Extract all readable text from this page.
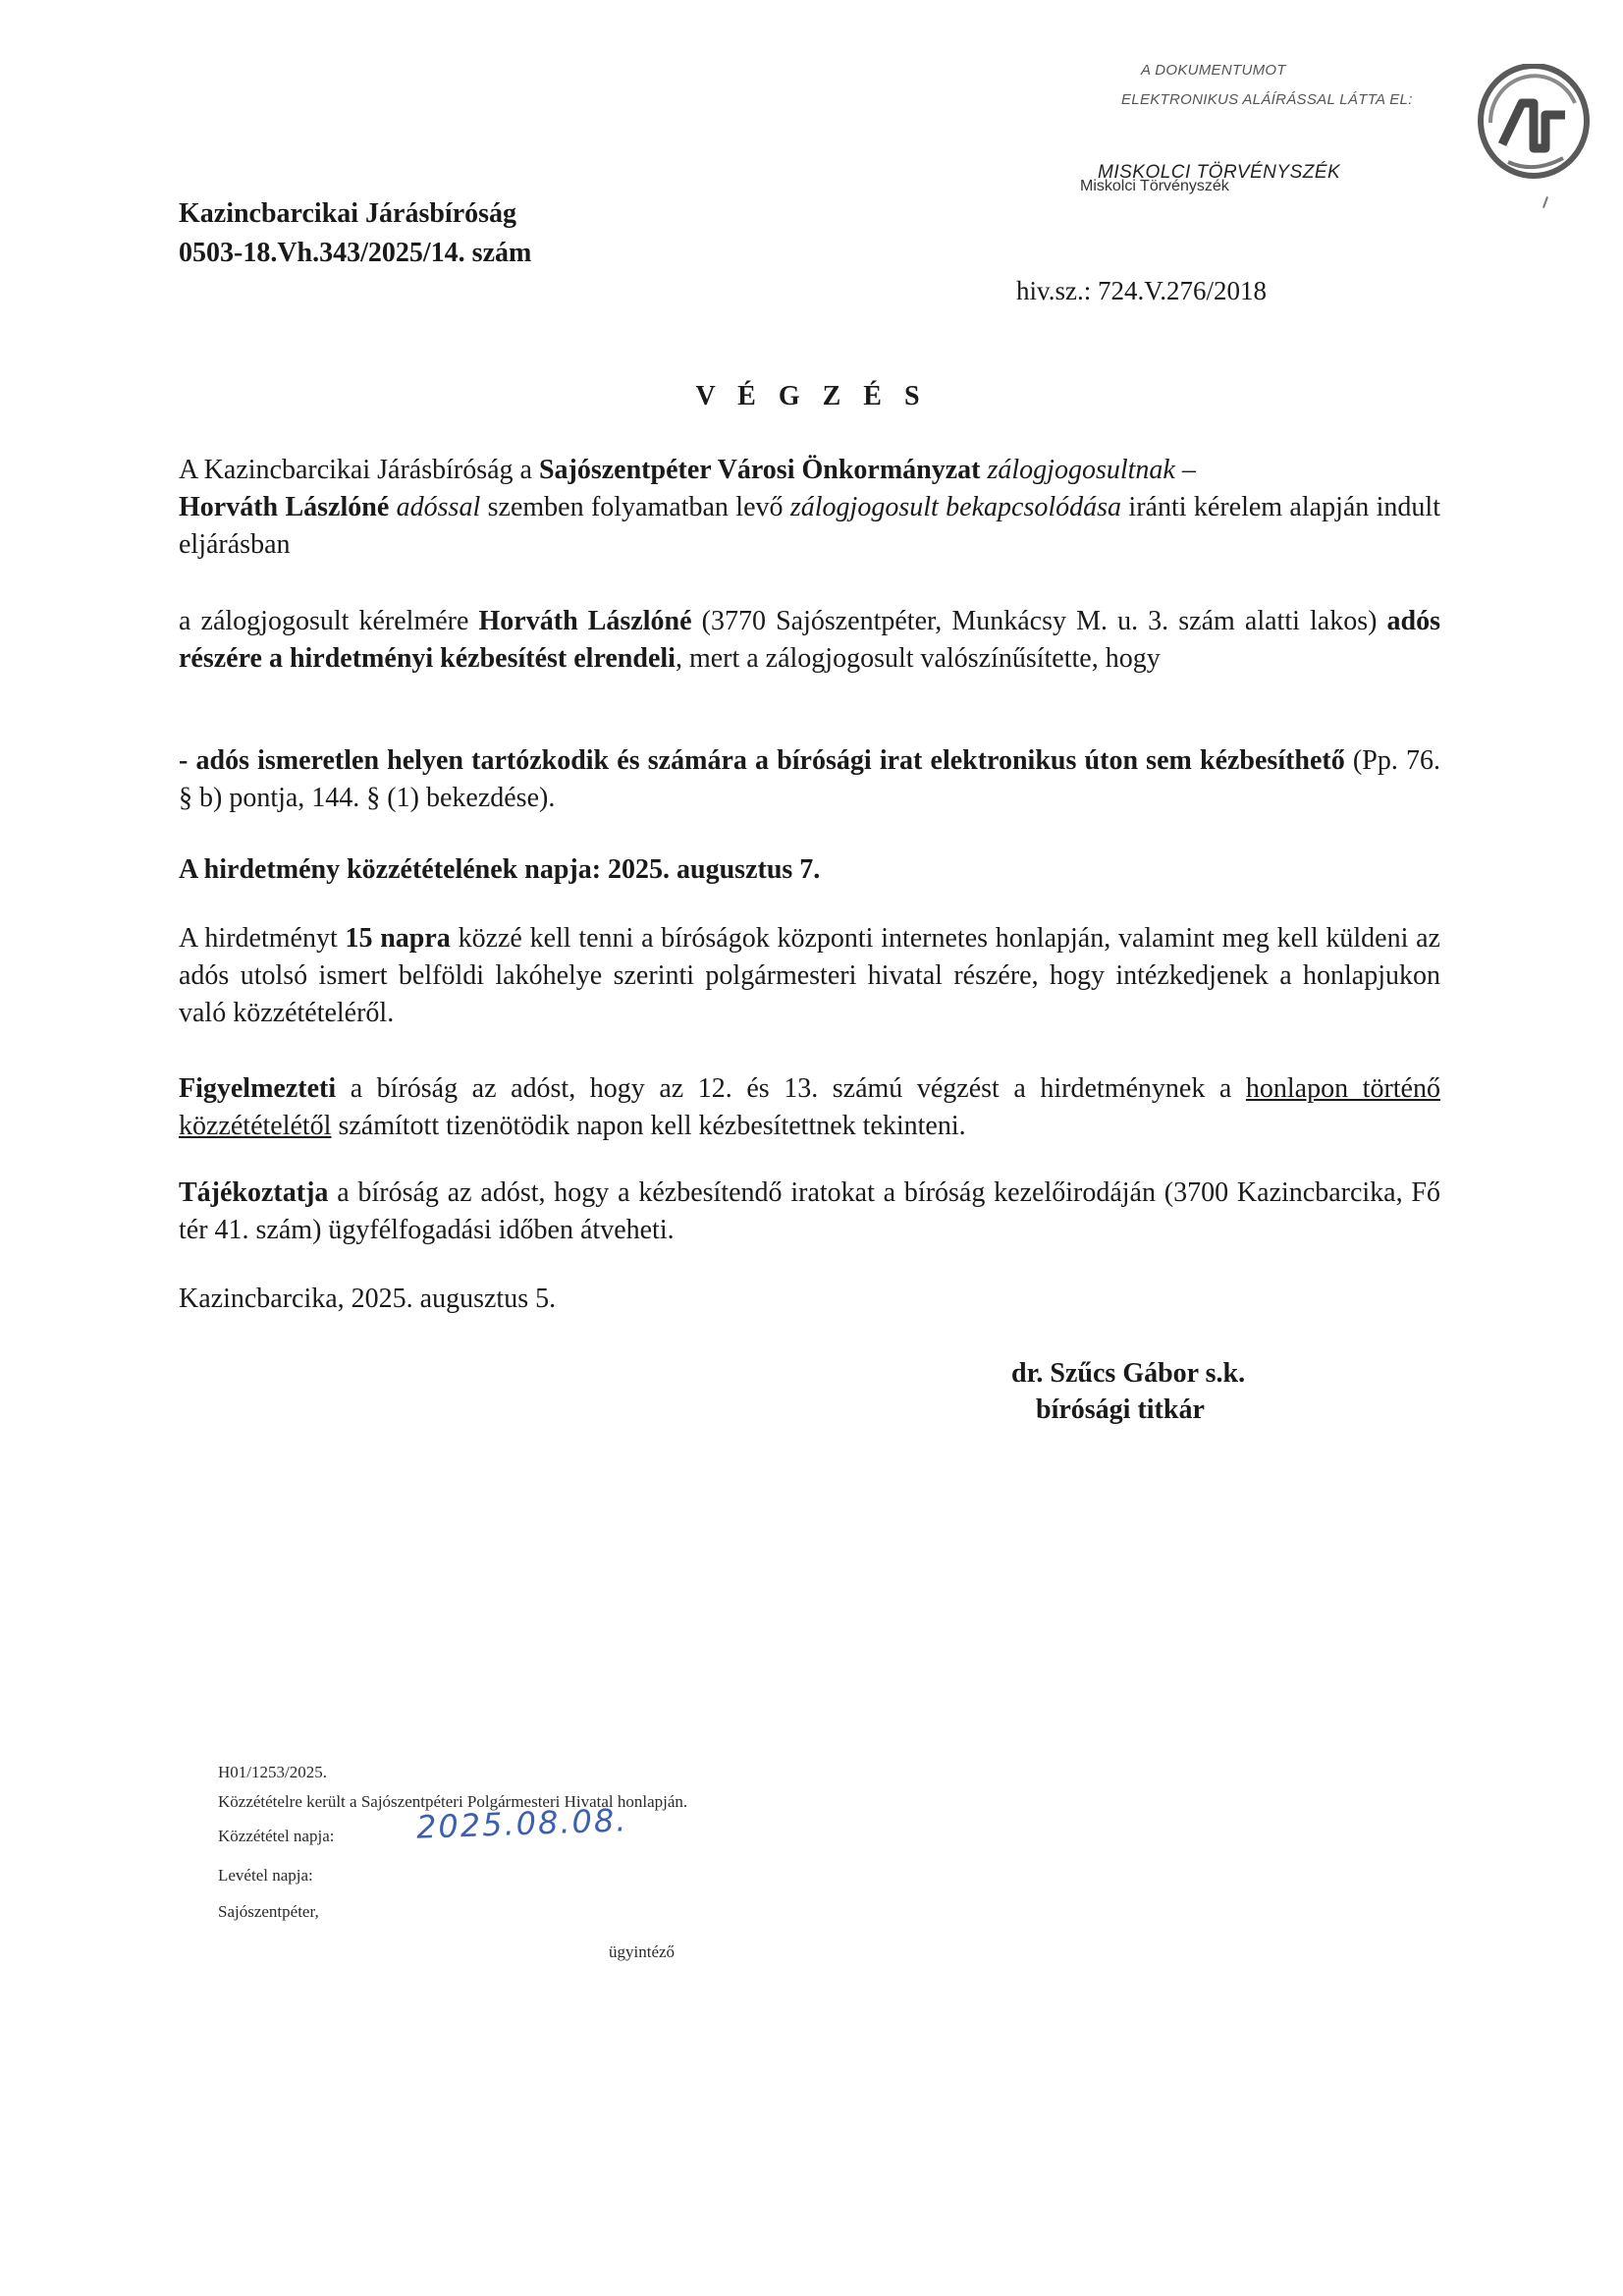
A DOKUMENTUMOT
ELEKTRONIKUS ALÁÍRÁSSAL LÁTTA EL:
MISKOLCI TÖRVÉNYSZÉK
Miskolci Törvényszék
Kazincbarcikai Járásbíróság
0503-18.Vh.343/2025/14. szám
hiv.sz.: 724.V.276/2018
V É G Z É S
A Kazincbarcikai Járásbíróság a Sajószentpéter Városi Önkormányzat zálogjogosultnak –
Horváth Lászlóné adóssal szemben folyamatban levő zálogjogosult bekapcsolódása iránti kérelem alapján indult eljárásban
a zálogjogosult kérelmére Horváth Lászlóné (3770 Sajószentpéter, Munkácsy M. u. 3. szám alatti lakos) adós részére a hirdetményi kézbesítést elrendeli, mert a zálogjogosult valószínűsítette, hogy
- adós ismeretlen helyen tartózkodik és számára a bírósági irat elektronikus úton sem kézbesíthető (Pp. 76. § b) pontja, 144. § (1) bekezdése).
A hirdetmény közzétételének napja: 2025. augusztus 7.
A hirdetményt 15 napra közzé kell tenni a bíróságok központi internetes honlapján, valamint meg kell küldeni az adós utolsó ismert belföldi lakóhelye szerinti polgármesteri hivatal részére, hogy intézkedjenek a honlapjukon való közzétételéről.
Figyelmezteti a bíróság az adóst, hogy az 12. és 13. számú végzést a hirdetménynek a honlapon történő közzétételétől számított tizenötödik napon kell kézbesítettnek tekinteni.
Tájékoztatja a bíróság az adóst, hogy a kézbesítendő iratokat a bíróság kezelőirodáján (3700 Kazincbarcika, Fő tér 41. szám) ügyfélfogadási időben átveheti.
Kazincbarcika, 2025. augusztus 5.
dr. Szűcs Gábor s.k.
bírósági titkár
H01/1253/2025.
Közzétételre került a Sajószentpéteri Polgármesteri Hivatal honlapján.
Közzététel napja:	2025.08.08.
Levétel napja:
Sajószentpéter,
ügyintéző
